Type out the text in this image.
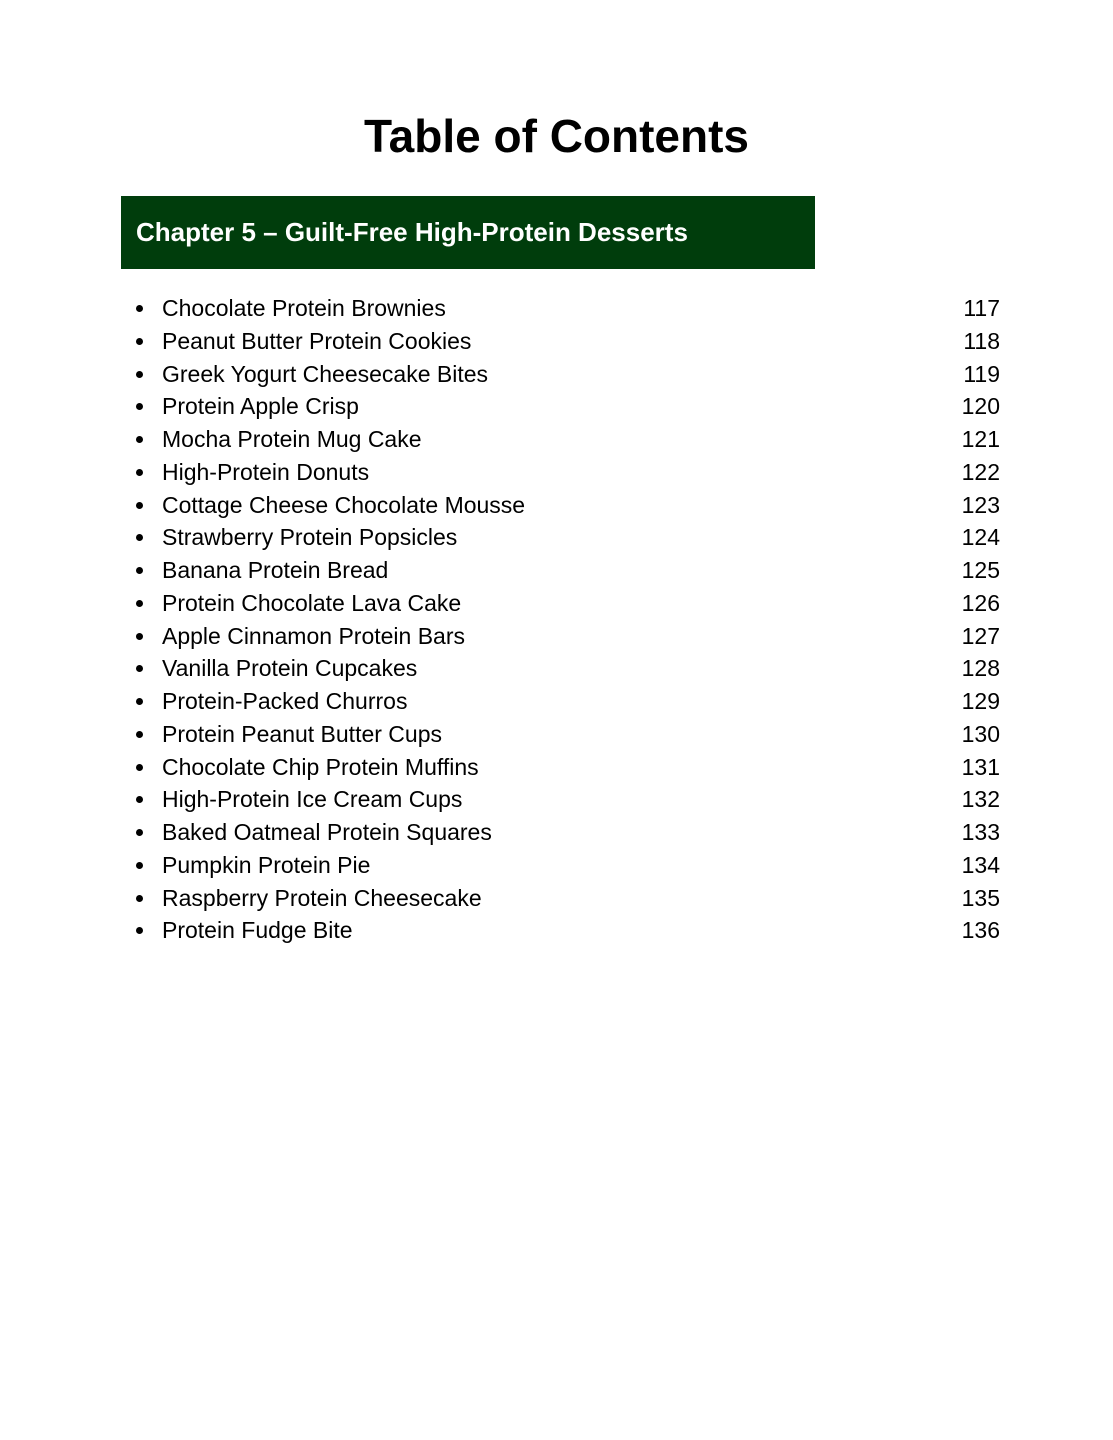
Table of Contents
Chapter 5 – Guilt-Free High-Protein Desserts
Chocolate Protein Brownies	117
Peanut Butter Protein Cookies	118
Greek Yogurt Cheesecake Bites	119
Protein Apple Crisp	120
Mocha Protein Mug Cake	121
High-Protein Donuts	122
Cottage Cheese Chocolate Mousse	123
Strawberry Protein Popsicles	124
Banana Protein Bread	125
Protein Chocolate Lava Cake	126
Apple Cinnamon Protein Bars	127
Vanilla Protein Cupcakes	128
Protein-Packed Churros	129
Protein Peanut Butter Cups	130
Chocolate Chip Protein Muffins	131
High-Protein Ice Cream Cups	132
Baked Oatmeal Protein Squares	133
Pumpkin Protein Pie	134
Raspberry Protein Cheesecake	135
Protein Fudge Bite	136
